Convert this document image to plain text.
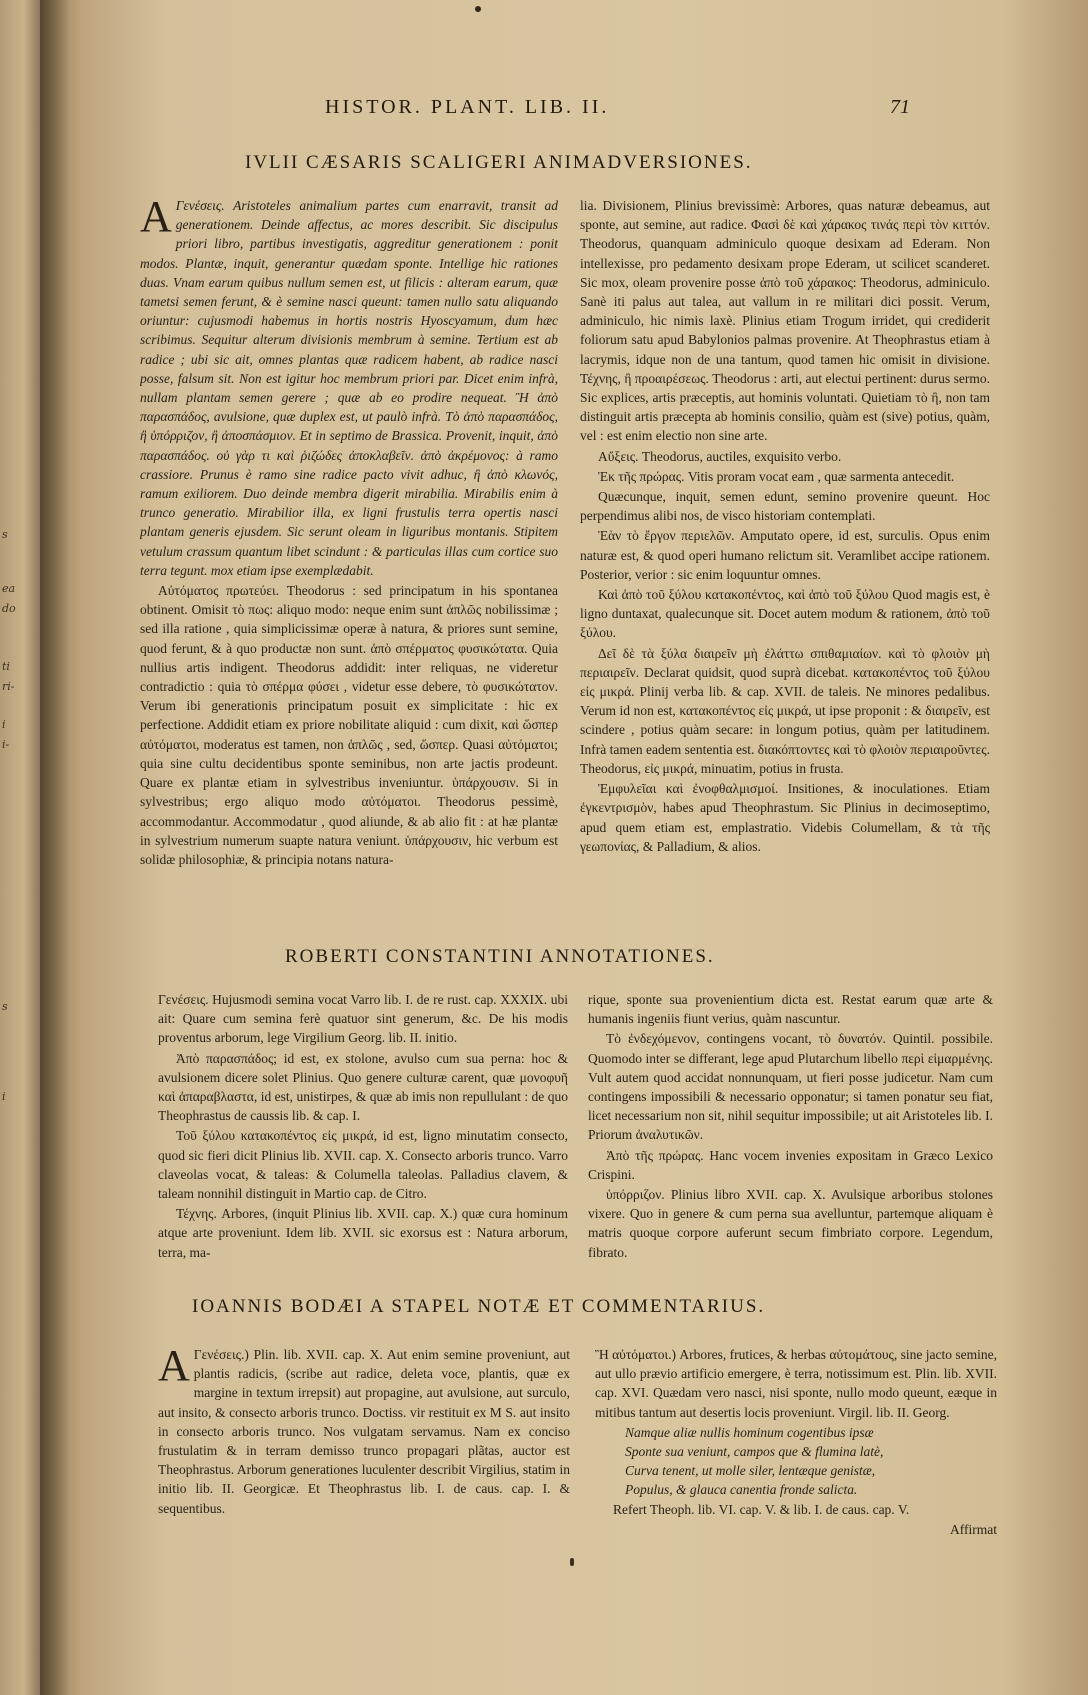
s
ea
do
ti
ri-
i
i-
s
i
HISTOR. PLANT. LIB. II.	71
IVLII CÆSARIS SCALIGERI ANIMADVERSIONES.

A Γενέσεις. Aristoteles animalium partes cum enarravit, transit ad generationem. Deinde affectus, ac mores describit. Sic discipulus priori libro, partibus investigatis, aggreditur generationem : ponit modos. Plantæ, inquit, generantur quædam sponte. Intellige hic rationes duas. Vnam earum quibus nullum semen est, ut filicis : alteram earum, quæ tametsi semen ferunt, & è semine nasci queunt: tamen nullo satu aliquando oriuntur: cujusmodi habemus in hortis nostris Hyoscyamum, dum hæc scribimus. Sequitur alterum divisionis membrum à semine. Tertium est ab radice ; ubi sic ait, omnes plantas quæ radicem habent, ab radice nasci posse, falsum sit. Non est igitur hoc membrum priori par. Dicet enim infrà, nullam plantam semen gerere ; quæ ab eo prodire nequeat. Ἢ ἀπὸ παρασπάδος, avulsione, quæ duplex est, ut paulò infrà. Τὸ ἀπὸ παρασπάδος, ἢ ὑπόρριζον, ἢ ἀποσπάσμιον. Et in septimo de Brassica. Provenit, inquit, ἀπὸ παρασπάδος. οὐ γὰρ τι καὶ ῥιζώδες ἀποκλαβεῖν. ἀπὸ ἀκρέμονος: à ramo crassiore. Prunus è ramo sine radice pacto vivit adhuc, ἢ ἀπὸ κλωνός, ramum exiliorem. Duo deinde membra digerit mirabilia. Mirabilis enim à trunco generatio. Mirabilior illa, ex ligni frustulis terra opertis nasci plantam generis ejusdem. Sic serunt oleam in liguribus montanis. Stipitem vetulum crassum quantum libet scindunt : & particulas illas cum cortice suo terra tegunt. mox etiam ipse exemplædabit.

Αὐτόματος πρωτεύει. Theodorus : sed principatum in his spontanea obtinent. Omisit τὸ πως: aliquo modo: neque enim sunt ἁπλῶς nobilissimæ ; sed illa ratione , quia simplicissimæ operæ à natura, & priores sunt semine, quod ferunt, & à quo productæ non sunt. ἀπὸ σπέρματος φυσικώτατα. Quia nullius artis indigent. Theodorus addidit: inter reliquas, ne videretur contradictio : quia τὸ σπέρμα φύσει , videtur esse debere, τὸ φυσικώτατον. Verum ibi generationis principatum posuit ex simplicitate : hic ex perfectione. Addidit etiam ex priore nobilitate aliquid : cum dixit, καὶ ὥσπερ αὐτόματοι, moderatus est tamen, non ἁπλῶς , sed, ὥσπερ. Quasi αὐτόματοι; quia sine cultu decidentibus sponte seminibus, non arte jactis prodeunt. Quare ex plantæ etiam in sylvestribus inveniuntur. ὑπάρχουσιν. Si in sylvestribus; ergo aliquo modo αὐτόματοι. Theodorus pessimè, accommodantur. Accommodatur , quod aliunde, & ab alio fit : at hæ plantæ in sylvestrium numerum suapte natura veniunt. ὑπάρχουσιν, hic verbum est solidæ philosophiæ, & principia notans natura-

lia. Divisionem, Plinius brevissimè: Arbores, quas naturæ debeamus, aut sponte, aut semine, aut radice. Φασὶ δὲ καὶ χάρακος τινάς περὶ τὸν κιττόν. Theodorus, quanquam adminiculo quoque desixam ad Ederam. Non intellexisse, pro pedamento desixam prope Ederam, ut scilicet scanderet. Sic mox, oleam provenire posse ἀπὸ τοῦ χάρακος: Theodorus, adminiculo. Sanè iti palus aut talea, aut vallum in re militari dici possit. Verum, adminiculo, hic nimis laxè. Plinius etiam Trogum irridet, qui crediderit foliorum satu apud Babylonios palmas provenire. At Theophrastus etiam à lacrymis, idque non de una tantum, quod tamen hic omisit in divisione. Τέχνης, ἢ προαιρέσεως. Theodorus : arti, aut electui pertinent: durus sermo. Sic explices, artis præceptis, aut hominis voluntati. Quietiam τὸ ἢ, non tam distinguit artis præcepta ab hominis consilio, quàm est (sive) potius, quàm, vel : est enim electio non sine arte.

Αὔξεις. Theodorus, auctiles, exquisito verbo.

Ἐκ τῆς πρώρας. Vitis proram vocat eam , quæ sarmenta antecedit.

Quæcunque, inquit, semen edunt, semino provenire queunt. Hoc perpendimus alibi nos, de visco historiam contemplati.

Ἐὰν τὸ ἔργον περιελῶν. Amputato opere, id est, surculis. Opus enim naturæ est, & quod operi humano relictum sit. Veramlibet accipe rationem. Posterior, verior : sic enim loquuntur omnes.

Καὶ ἀπὸ τοῦ ξύλου κατακοπέντος, καὶ ἀπὸ τοῦ ξύλου Quod magis est, è ligno duntaxat, qualecunque sit. Docet autem modum & rationem, ἀπὸ τοῦ ξύλου.

Δεῖ δὲ τὰ ξύλα διαιρεῖν μὴ ἐλάττω σπιθαμιαίων. καὶ τὸ φλοιὸν μὴ περιαιρεῖν. Declarat quidsit, quod suprà dicebat. κατακοπέντος τοῦ ξύλου εἰς μικρά. Plinij verba lib. & cap. XVII. de taleis. Ne minores pedalibus. Verum id non est, κατακοπέντος εἰς μικρά, ut ipse proponit : & διαιρεῖν, est scindere , potius quàm secare: in longum potius, quàm per latitudinem. Infrà tamen eadem sententia est. διακόπτοντες καὶ τὸ φλοιὸν περιαιροῦντες. Theodorus, εἰς μικρά, minuatim, potius in frusta.

Ἐμφυλεῖαι καὶ ἐνοφθαλμισμοί. Insitiones, & inoculationes. Etiam ἐγκεντρισμὸν, habes apud Theophrastum. Sic Plinius in decimoseptimo, apud quem etiam est, emplastratio. Videbis Columellam, & τὰ τῆς γεωπονίας, & Palladium, & alios.

ROBERTI CONSTANTINI ANNOTATIONES.

Γενέσεις. Hujusmodi semina vocat Varro lib. I. de re rust. cap. XXXIX. ubi ait: Quare cum semina ferè quatuor sint generum, &c. De his modis proventus arborum, lege Virgilium Georg. lib. II. initio.

Ἀπὸ παρασπάδος; id est, ex stolone, avulso cum sua perna: hoc & avulsionem dicere solet Plinius. Quo genere culturæ carent, quæ μονοφυῆ καὶ ἀπαραβλαστα, id est, unistirpes, & quæ ab imis non repullulant : de quo Theophrastus de caussis lib. & cap. I.

Τοῦ ξύλου κατακοπέντος εἰς μικρά, id est, ligno minutatim consecto, quod sic fieri dicit Plinius lib. XVII. cap. X. Consecto arboris trunco. Varro claveolas vocat, & taleas: & Columella taleolas. Palladius clavem, & taleam nonnihil distinguit in Martio cap. de Citro.

Τέχνης. Arbores, (inquit Plinius lib. XVII. cap. X.) quæ cura hominum atque arte proveniunt. Idem lib. XVII. sic exorsus est : Natura arborum, terra, ma-

rique, sponte sua provenientium dicta est. Restat earum quæ arte & humanis ingeniis fiunt verius, quàm nascuntur.

Τὸ ἐνδεχόμενον, contingens vocant, τὸ δυνατόν. Quintil. possibile. Quomodo inter se differant, lege apud Plutarchum libello περὶ εἱμαρμένης. Vult autem quod accidat nonnunquam, ut fieri posse judicetur. Nam cum contingens impossibili & necessario opponatur; si tamen ponatur seu fiat, licet necessarium non sit, nihil sequitur impossibile; ut ait Aristoteles lib. I. Priorum ἀναλυτικῶν.

Ἀπὸ τῆς πρώρας. Hanc vocem invenies expositam in Græco Lexico Crispini.

ὑπόρριζον. Plinius libro XVII. cap. X. Avulsique arboribus stolones vixere. Quo in genere & cum perna sua avelluntur, partemque aliquam è matris quoque corpore auferunt secum fimbriato corpore. Legendum, fibrato.

IOANNIS BODÆI A STAPEL NOTÆ ET COMMENTARIUS.

A Γενέσεις.) Plin. lib. XVII. cap. X. Aut enim semine proveniunt, aut plantis radicis, (scribe aut radice, deleta voce, plantis, quæ ex margine in textum irrepsit) aut propagine, aut avulsione, aut surculo, aut insito, & consecto arboris trunco. Doctiss. vir restituit ex M S. aut insito in consecto arboris trunco. Nos vulgatam servamus. Nam ex conciso frustulatim & in terram demisso trunco propagari plãtas, auctor est Theophrastus. Arborum generationes luculenter describit Virgilius, statim in initio lib. II. Georgicæ. Et Theophrastus lib. I. de caus. cap. I. & sequentibus.

Ἢ αὐτόματοι.) Arbores, frutices, & herbas αὐτομάτους, sine jacto semine, aut ullo prævio artificio emergere, è terra, notissimum est. Plin. lib. XVII. cap. XVI. Quædam vero nasci, nisi sponte, nullo modo queunt, eæque in mitibus tantum aut desertis locis proveniunt. Virgil. lib. II. Georg.

Namque aliæ nullis hominum cogentibus ipsæ

Sponte sua veniunt, campos que & flumina latè,

Curva tenent, ut molle siler, lentæque genistæ,

Populus, & glauca canentia fronde salicta.

Refert Theoph. lib. VI. cap. V. & lib. I. de caus. cap. V.

Affirmat
